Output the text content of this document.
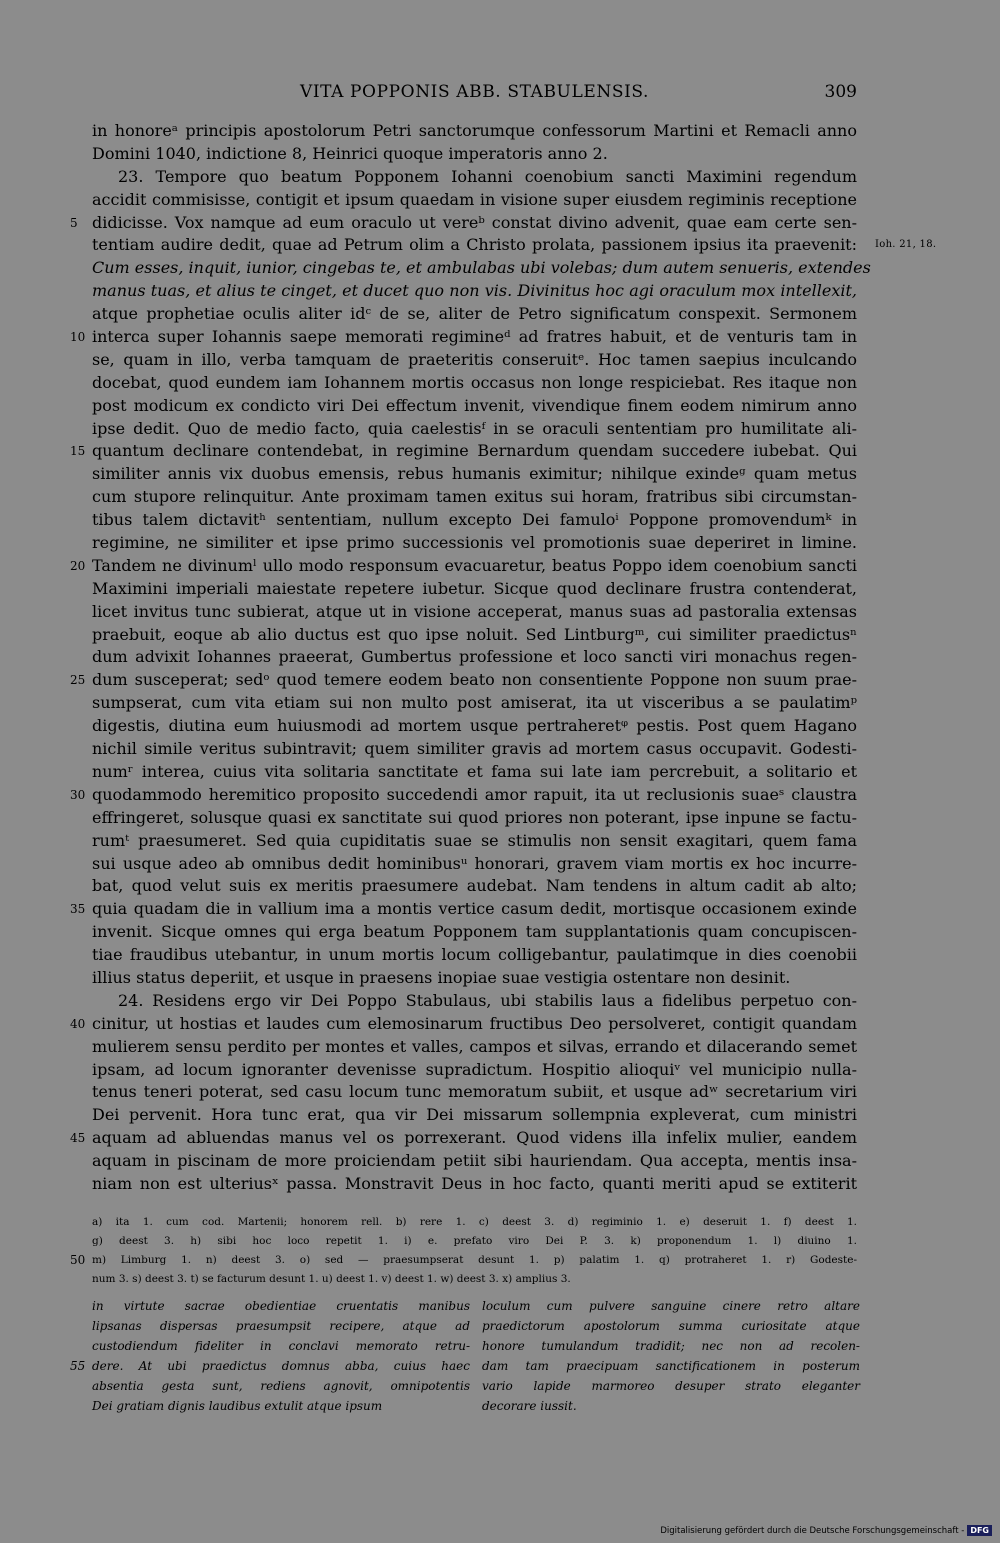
VITA POPPONIS ABB. STABULENSIS.	309
in honoreᵃ principis apostolorum Petri sanctorumque confessorum Martini et Remacli anno
Domini 1040, indictione 8, Heinrici quoque imperatoris anno 2.
23. Tempore quo beatum Popponem Iohanni coenobium sancti Maximini regendum
accidit commisisse, contigit et ipsum quaedam in visione super eiusdem regiminis receptione
5 didicisse. Vox namque ad eum oraculo ut vereᵇ constat divino advenit, quae eam certe sen-
tentiam audire dedit, quae ad Petrum olim a Christo prolata, passionem ipsius ita praevenit: Ioh. 21, 18.
Cum esses, inquit, iunior, cingebas te, et ambulabas ubi volebas; dum autem senueris, extendes
manus tuas, et alius te cinget, et ducet quo non vis. Divinitus hoc agi oraculum mox intellexit,
atque prophetiae oculis aliter idᶜ de se, aliter de Petro significatum conspexit. Sermonem
10 interca super Iohannis saepe memorati regimineᵈ ad fratres habuit, et de venturis tam in
se, quam in illo, verba tamquam de praeteritis conseruitᵉ. Hoc tamen saepius inculcando
docebat, quod eundem iam Iohannem mortis occasus non longe respiciebat. Res itaque non
post modicum ex condicto viri Dei effectum invenit, vivendique finem eodem nimirum anno
ipse dedit. Quo de medio facto, quia caelestisᶠ in se oraculi sententiam pro humilitate ali-
15 quantum declinare contendebat, in regimine Bernardum quendam succedere iubebat. Qui
similiter annis vix duobus emensis, rebus humanis eximitur; nihilque exindeᵍ quam metus
cum stupore relinquitur. Ante proximam tamen exitus sui horam, fratribus sibi circumstan-
tibus talem dictavitʰ sententiam, nullum excepto Dei famuloⁱ Poppone promovendumᵏ in
regimine, ne similiter et ipse primo successionis vel promotionis suae deperiret in limine.
20 Tandem ne divinumˡ ullo modo responsum evacuaretur, beatus Poppo idem coenobium sancti
Maximini imperiali maiestate repetere iubetur. Sicque quod declinare frustra contenderat,
licet invitus tunc subierat, atque ut in visione acceperat, manus suas ad pastoralia extensas
praebuit, eoque ab alio ductus est quo ipse noluit. Sed Lintburgᵐ, cui similiter praedictusⁿ
dum advixit Iohannes praeerat, Gumbertus professione et loco sancti viri monachus regen-
25 dum susceperat; sedᵒ quod temere eodem beato non consentiente Poppone non suum prae-
sumpserat, cum vita etiam sui non multo post amiserat, ita ut visceribus a se paulatimᵖ
digestis, diutina eum huiusmodi ad mortem usque pertraheretᵠ pestis. Post quem Hagano
nichil simile veritus subintravit; quem similiter gravis ad mortem casus occupavit. Godesti-
numʳ interea, cuius vita solitaria sanctitate et fama sui late iam percrebuit, a solitario et
30 quodammodo heremitico proposito succedendi amor rapuit, ita ut reclusionis suaeˢ claustra
effringeret, solusque quasi ex sanctitate sui quod priores non poterant, ipse inpune se factu-
rumᵗ praesumeret. Sed quia cupiditatis suae se stimulis non sensit exagitari, quem fama
sui usque adeo ab omnibus dedit hominibusᵘ honorari, gravem viam mortis ex hoc incurre-
bat, quod velut suis ex meritis praesumere audebat. Nam tendens in altum cadit ab alto;
35 quia quadam die in vallium ima a montis vertice casum dedit, mortisque occasionem exinde
invenit. Sicque omnes qui erga beatum Popponem tam supplantationis quam concupiscen-
tiae fraudibus utebantur, in unum mortis locum colligebantur, paulatimque in dies coenobii
illius status deperiit, et usque in praesens inopiae suae vestigia ostentare non desinit.
24. Residens ergo vir Dei Poppo Stabulaus, ubi stabilis laus a fidelibus perpetuo con-
40 cinitur, ut hostias et laudes cum elemosinarum fructibus Deo persolveret, contigit quandam
mulierem sensu perdito per montes et valles, campos et silvas, errando et dilacerando semet
ipsam, ad locum ignoranter devenisse supradictum. Hospitio alioquiᵛ vel municipio nulla-
tenus teneri poterat, sed casu locum tunc memoratum subiit, et usque adʷ secretarium viri
Dei pervenit. Hora tunc erat, qua vir Dei missarum sollempnia expleverat, cum ministri
45 aquam ad abluendas manus vel os porrexerant. Quod videns illa infelix mulier, eandem
aquam in piscinam de more proiciendam petiit sibi hauriendam. Qua accepta, mentis insa-
niam non est ulteriusˣ passa. Monstravit Deus in hoc facto, quanti meriti apud se extiterit
a) ita 1. cum cod. Martenii; honorem rell. b) rere 1. c) deest 3. d) regiminio 1. e) deseruit 1. f) deest 1.
g) deest 3. h) sibi hoc loco repetit 1. i) e. prefato viro Dei P. 3. k) proponendum 1. l) diuino 1.
50 m) Limburg 1. n) deest 3. o) sed — praesumpserat desunt 1. p) palatim 1. q) protraheret 1. r) Godeste-
num 3. s) deest 3. t) se facturum desunt 1. u) deest 1. v) deest 1. w) deest 3. x) amplius 3.
in virtute sacrae obedientiae cruentatis manibus
lipsanas dispersas praesumpsit recipere, atque ad
custodiendum fideliter in conclavi memorato retru-
55 dere. At ubi praedictus domnus abba, cuius haec
absentia gesta sunt, rediens agnovit, omnipotentis
Dei gratiam dignis laudibus extulit atque ipsum
loculum cum pulvere sanguine cinere retro altare
praedictorum apostolorum summa curiositate atque
honore tumulandum tradidit; nec non ad recolen-
dam tam praecipuam sanctificationem in posterum
vario lapide marmoreo desuper strato eleganter
decorare iussit.
Digitalisierung gefördert durch die Deutsche Forschungsgemeinschaft - DFG
